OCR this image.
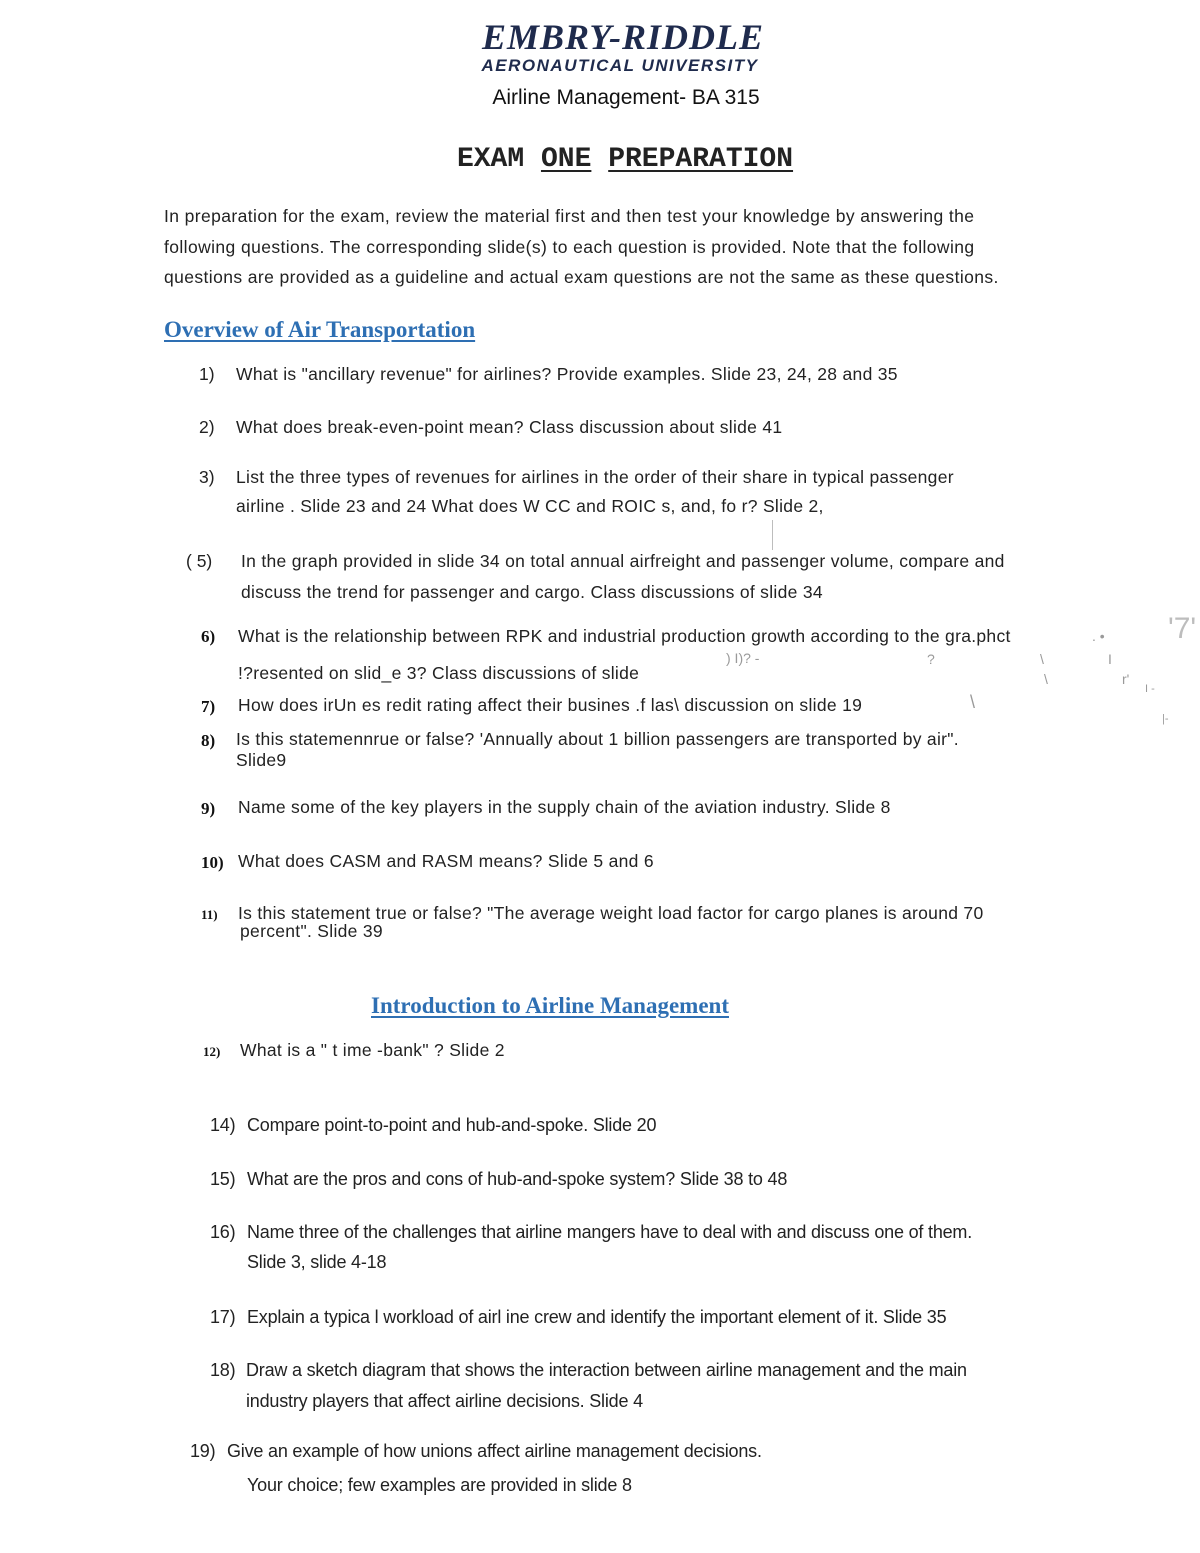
EMBRY-RIDDLE
AERONAUTICAL UNIVERSITY
Airline Management- BA 315
EXAM ONE PREPARATION
In preparation for the exam, review the material first and then test your knowledge by answering the
following questions. The corresponding slide(s) to each question is provided. Note that the following
questions are provided as a guideline and actual exam questions are not the same as these questions.
Overview of Air Transportation
1) What is "ancillary revenue" for airlines? Provide examples. Slide 23, 24, 28 and 35
2) What does break-even-point mean? Class discussion about slide 41
3) List the three types of revenues for airlines in the order of their share in typical passenger
airline . Slide 23 and 24 What does W CC and ROIC s, and, fo r? Slide 2,
( 5) In the graph provided in slide 34 on total annual airfreight and passenger volume, compare and
discuss the trend for passenger and cargo. Class discussions of slide 34
6) What is the relationship between RPK and industrial production growth according to the gra.phct
!?resented on slid_e 3? Class discussions of slide
. • '7'
) I)? -	?	\	I
\	r'
\
|-
I -
7) How does irUn es redit rating affect their busines .f las\ discussion on slide 19
8) Is this statemennrue or false? 'Annually about 1 billion passengers are transported by air".
Slide9
9) Name some of the key players in the supply chain of the aviation industry. Slide 8
10) What does CASM and RASM means? Slide 5 and 6
11) Is this statement true or false? "The average weight load factor for cargo planes is around 70
percent". Slide 39
Introduction to Airline Management
12) What is a " t ime -bank" ? Slide 2
14) Compare point-to-point and hub-and-spoke. Slide 20
15) What are the pros and cons of hub-and-spoke system? Slide 38 to 48
16) Name three of the challenges that airline mangers have to deal with and discuss one of them.
Slide 3, slide 4-18
17) Explain a typica l workload of airl ine crew and identify the important element of it. Slide 35
18) Draw a sketch diagram that shows the interaction between airline management and the main
industry players that affect airline decisions. Slide 4
19) Give an example of how unions affect airline management decisions.
Your choice; few examples are provided in slide 8
